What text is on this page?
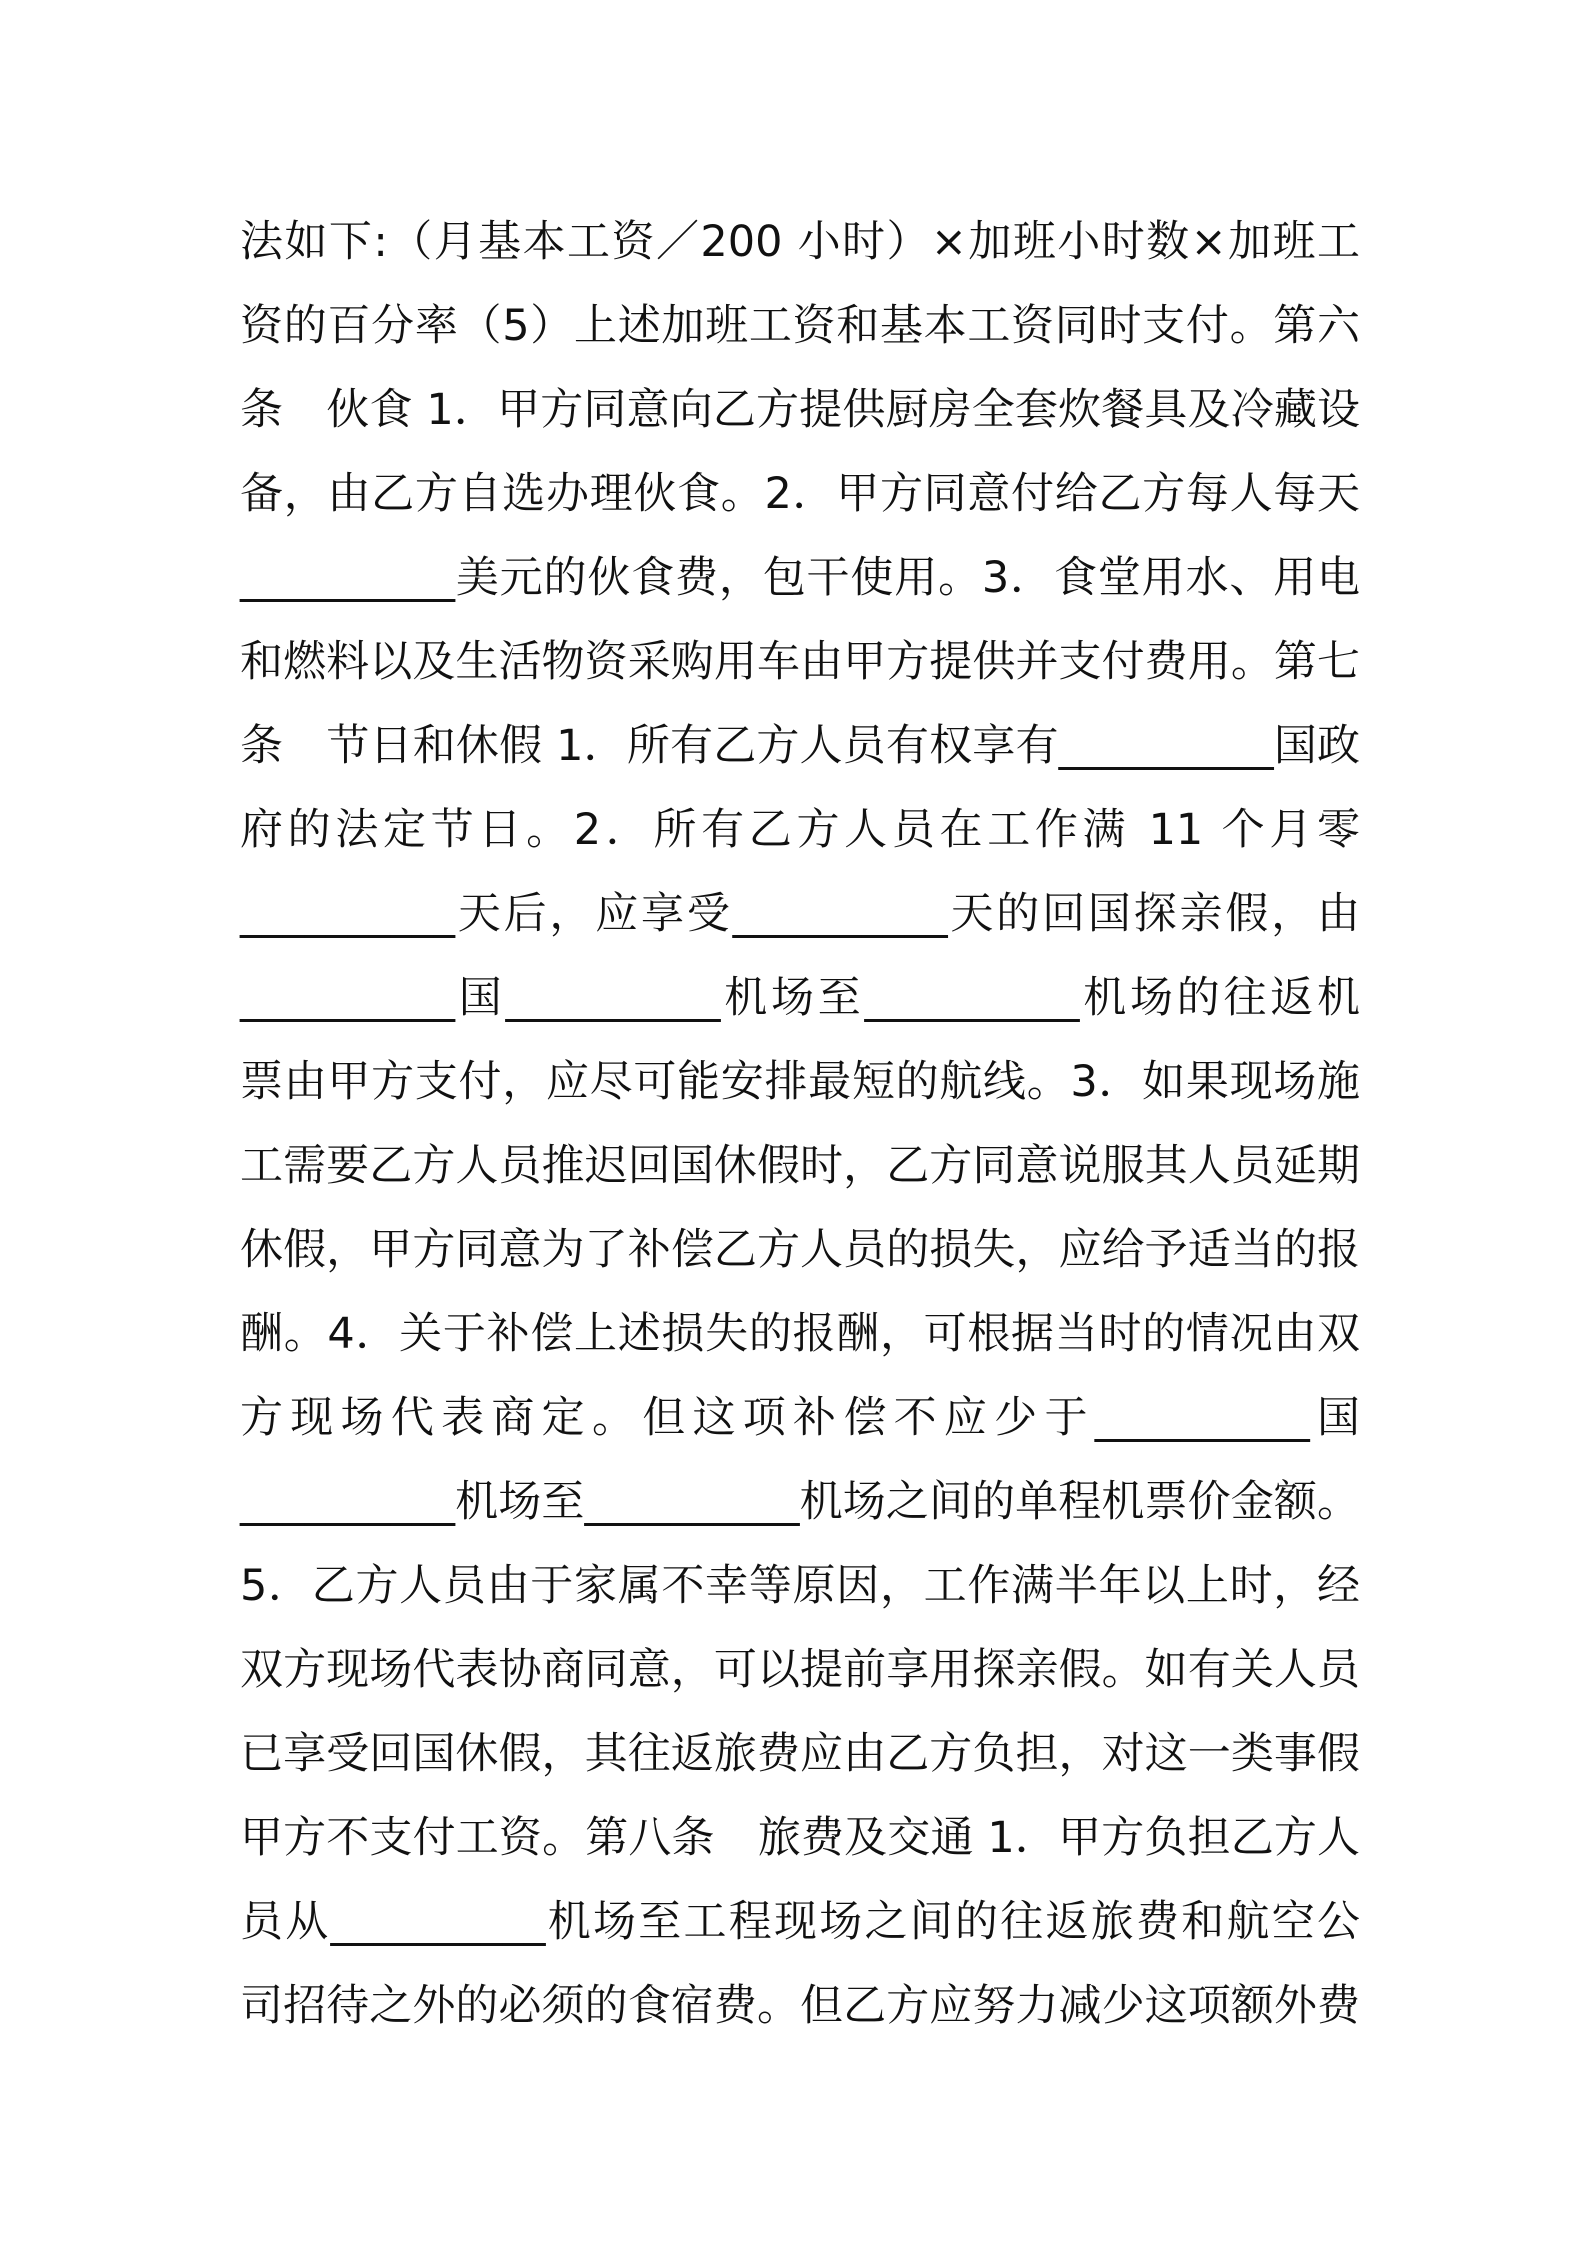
法如下:（月基本工资／200 小时）×加班小时数×加班工
资的百分率（5）上述加班工资和基本工资同时支付。第六
条　伙食 1．甲方同意向乙方提供厨房全套炊餐具及冷藏设
备，由乙方自选办理伙食。2．甲方同意付给乙方每人每天
__________美元的伙食费，包干使用。3．食堂用水、用电
和燃料以及生活物资采购用车由甲方提供并支付费用。第七
条　节日和休假 1．所有乙方人员有权享有__________国政
府的法定节日。2．所有乙方人员在工作满 11 个月零
__________天后，应享受__________天的回国探亲假，由
__________国__________机场至__________机场的往返机
票由甲方支付，应尽可能安排最短的航线。3．如果现场施
工需要乙方人员推迟回国休假时，乙方同意说服其人员延期
休假，甲方同意为了补偿乙方人员的损失，应给予适当的报
酬。4．关于补偿上述损失的报酬，可根据当时的情况由双
方现场代表商定。但这项补偿不应少于__________国
__________机场至__________机场之间的单程机票价金额。
5．乙方人员由于家属不幸等原因，工作满半年以上时，经
双方现场代表协商同意，可以提前享用探亲假。如有关人员
已享受回国休假，其往返旅费应由乙方负担，对这一类事假
甲方不支付工资。第八条　旅费及交通 1．甲方负担乙方人
员从__________机场至工程现场之间的往返旅费和航空公
司招待之外的必须的食宿费。但乙方应努力减少这项额外费
